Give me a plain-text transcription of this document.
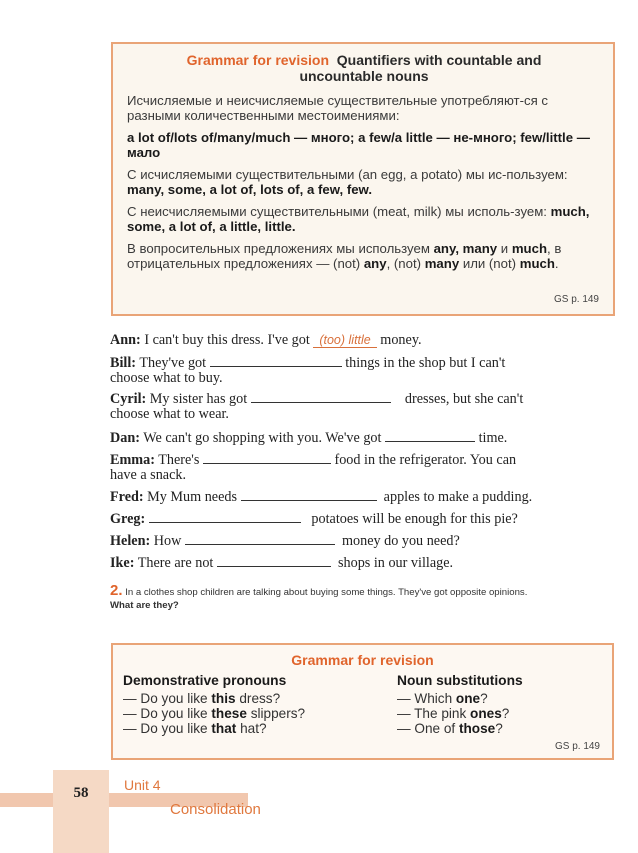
Grammar for revision Quantifiers with countable and
uncountable nouns

Исчисляемые и неисчисляемые существительные употребляют-ся с разными количественными местоимениями:

a lot of/lots of/many/much — много; a few/a little — не-много; few/little — мало

С исчисляемыми существительными (an egg, a potato) мы ис-пользуем: many, some, a lot of, lots of, a few, few.

С неисчисляемыми существительными (meat, milk) мы исполь-зуем: much, some, a lot of, a little, little.

В вопросительных предложениях мы используем any, many и much, в отрицательных предложениях — (not) any, (not) many или (not) much.

GS p. 149
Ann: I can't buy this dress. I've got (too) little money.
Bill: They've got	things in the shop but I can't
choose what to buy.
Cyril: My sister has got	dresses, but she can't
choose what to wear.
Dan: We can't go shopping with you. We've got	time.
Emma: There's	food in the refrigerator. You can
have a snack.
Fred: My Mum needs	apples to make a pudding.
Greg:	potatoes will be enough for this pie?
Helen: How	money do you need?
Ike: There are not	shops in our village.
2. In a clothes shop children are talking about buying some things. They've got opposite opinions.
What are they?
Grammar for revision
Demonstrative pronouns
— Do you like this dress?
— Do you like these slippers?
— Do you like that hat?
Noun substitutions
— Which one?
— The pink ones?
— One of those?
GS p. 149
58	Unit 4
Consolidation
